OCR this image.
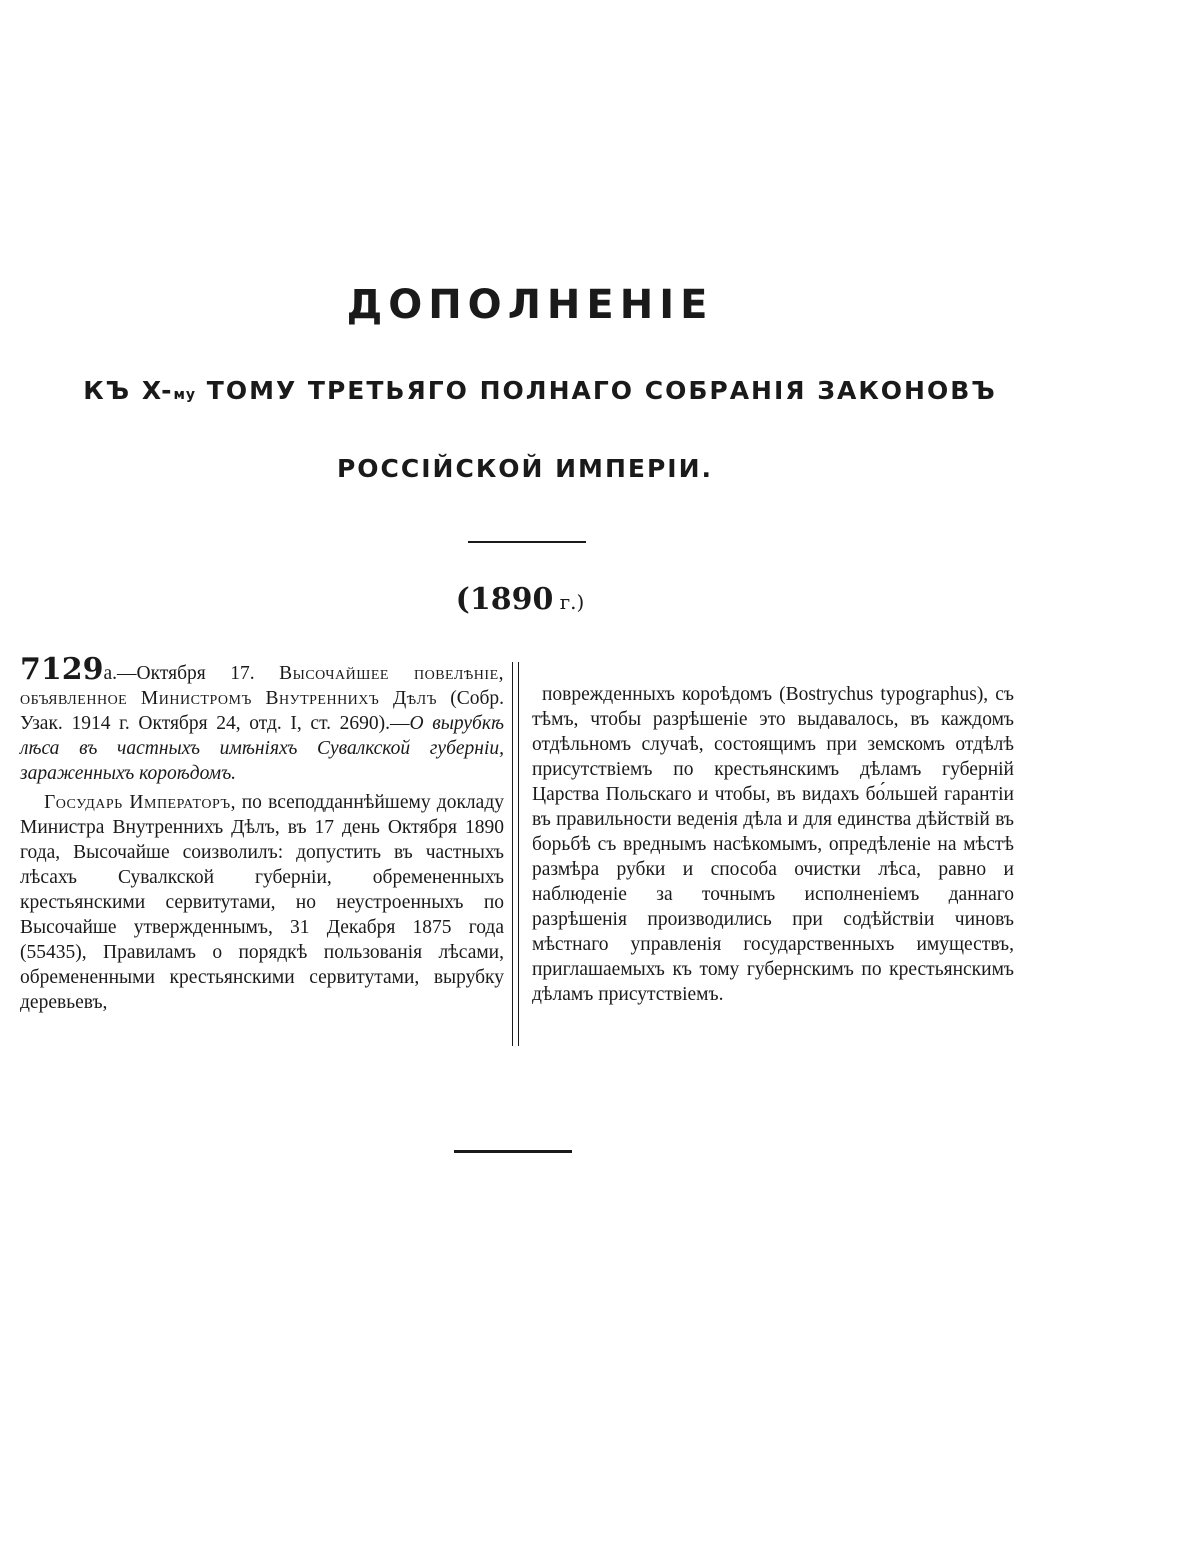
ДОПОЛНЕНІЕ
КЪ X-му ТОМУ ТРЕТЬЯГО ПОЛНАГО СОБРАНІЯ ЗАКОНОВЪ
РОССІЙСКОЙ ИМПЕРІИ.
(1890 г.)

7129а.—Октября 17. Высочайшее повелѣніе, объявленное Министромъ Внутреннихъ Дѣлъ (Собр. Узак. 1914 г. Октября 24, отд. I, ст. 2690).—О вырубкѣ лѣса въ частныхъ имѣніяхъ Сувалкской губерніи, зараженныхъ короѣдомъ.

Государь Императоръ, по всеподданнѣйшему докладу Министра Внутреннихъ Дѣлъ, въ 17 день Октября 1890 года, Высочайше соизволилъ: допустить въ частныхъ лѣсахъ Сувалкской губерніи, обремененныхъ крестьянскими сервитутами, но неустроенныхъ по Высочайше утвержденнымъ, 31 Декабря 1875 года (55435), Правиламъ о порядкѣ пользованія лѣсами, обремененными крестьянскими сервитутами, вырубку деревьевъ,

поврежденныхъ короѣдомъ (Bostrychus typographus), съ тѣмъ, чтобы разрѣшеніе это выдавалось, въ каждомъ отдѣльномъ случаѣ, состоящимъ при земскомъ отдѣлѣ присутствіемъ по крестьянскимъ дѣламъ губерній Царства Польскаго и чтобы, въ видахъ бо́льшей гарантіи въ правильности веденія дѣла и для единства дѣйствій въ борьбѣ съ вреднымъ насѣкомымъ, опредѣленіе на мѣстѣ размѣра рубки и способа очистки лѣса, равно и наблюденіе за точнымъ исполненіемъ даннаго разрѣшенія производились при содѣйствіи чиновъ мѣстнаго управленія государственныхъ имуществъ, приглашаемыхъ къ тому губернскимъ по крестьянскимъ дѣламъ присутствіемъ.
